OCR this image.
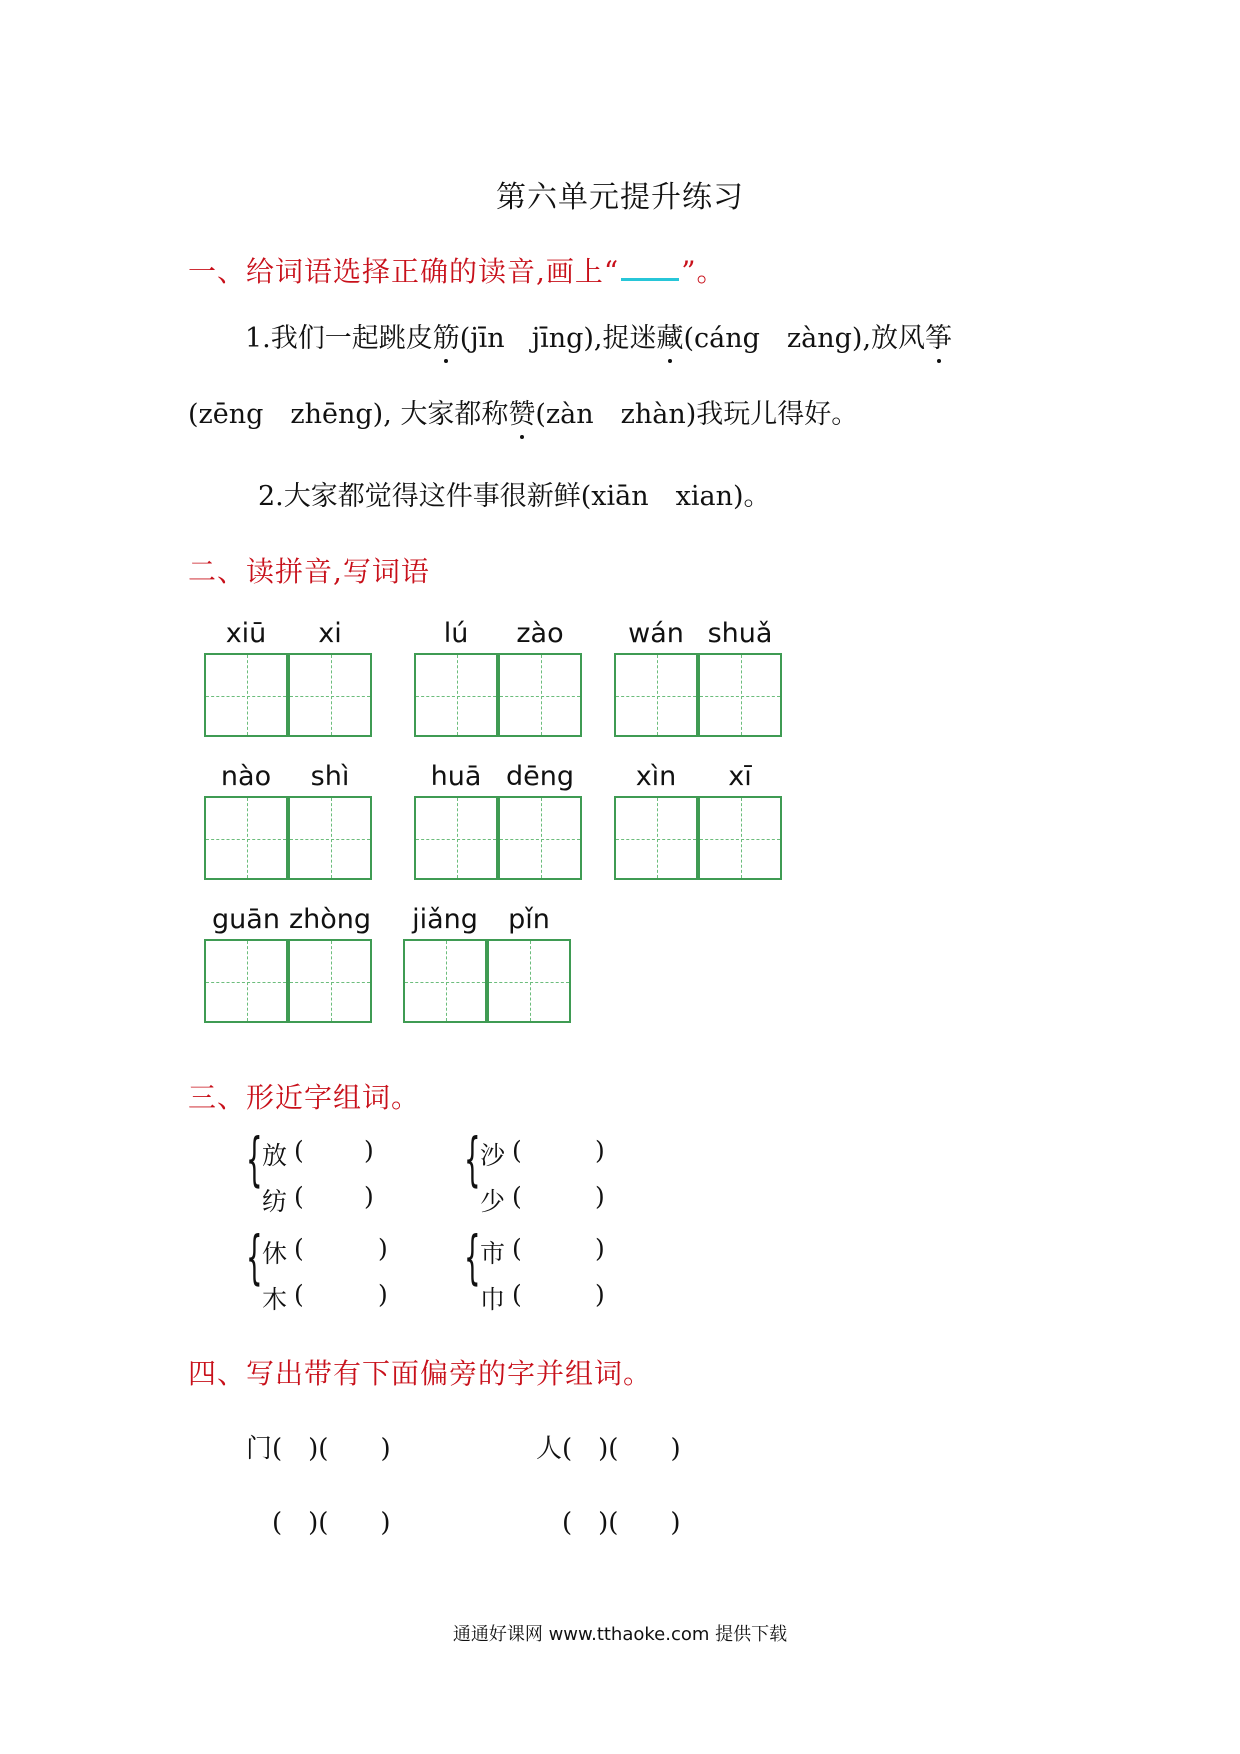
第六单元提升练习
一、给词语选择正确的读音,画上“ ”。
1.我们一起跳皮筋(jīn　jīng),捉迷藏(cáng　zàng),放风筝
(zēng　zhēng), 大家都称赞(zàn　zhàn)我玩儿得好。
2.大家都觉得这件事很新鲜(xiān　xian)。
二、读拼音,写词语
xiū	xi	lú	zào	wán shuǎ
nào	shì	huā dēng	xìn	xī
guān zhòng	jiǎng	pǐn
三、形近字组词。
{ 放 ( )
纺 ( )
{ 沙 (	)
少 (	)
{ 休 (	)
木 (	)
{ 市 (	)
巾 (	)
四、写出带有下面偏旁的字并组词。
门(　)(　　)	人(　)(　　)
(　)(　　)	(　)(　　)
通通好课网 www.tthaoke.com 提供下载
